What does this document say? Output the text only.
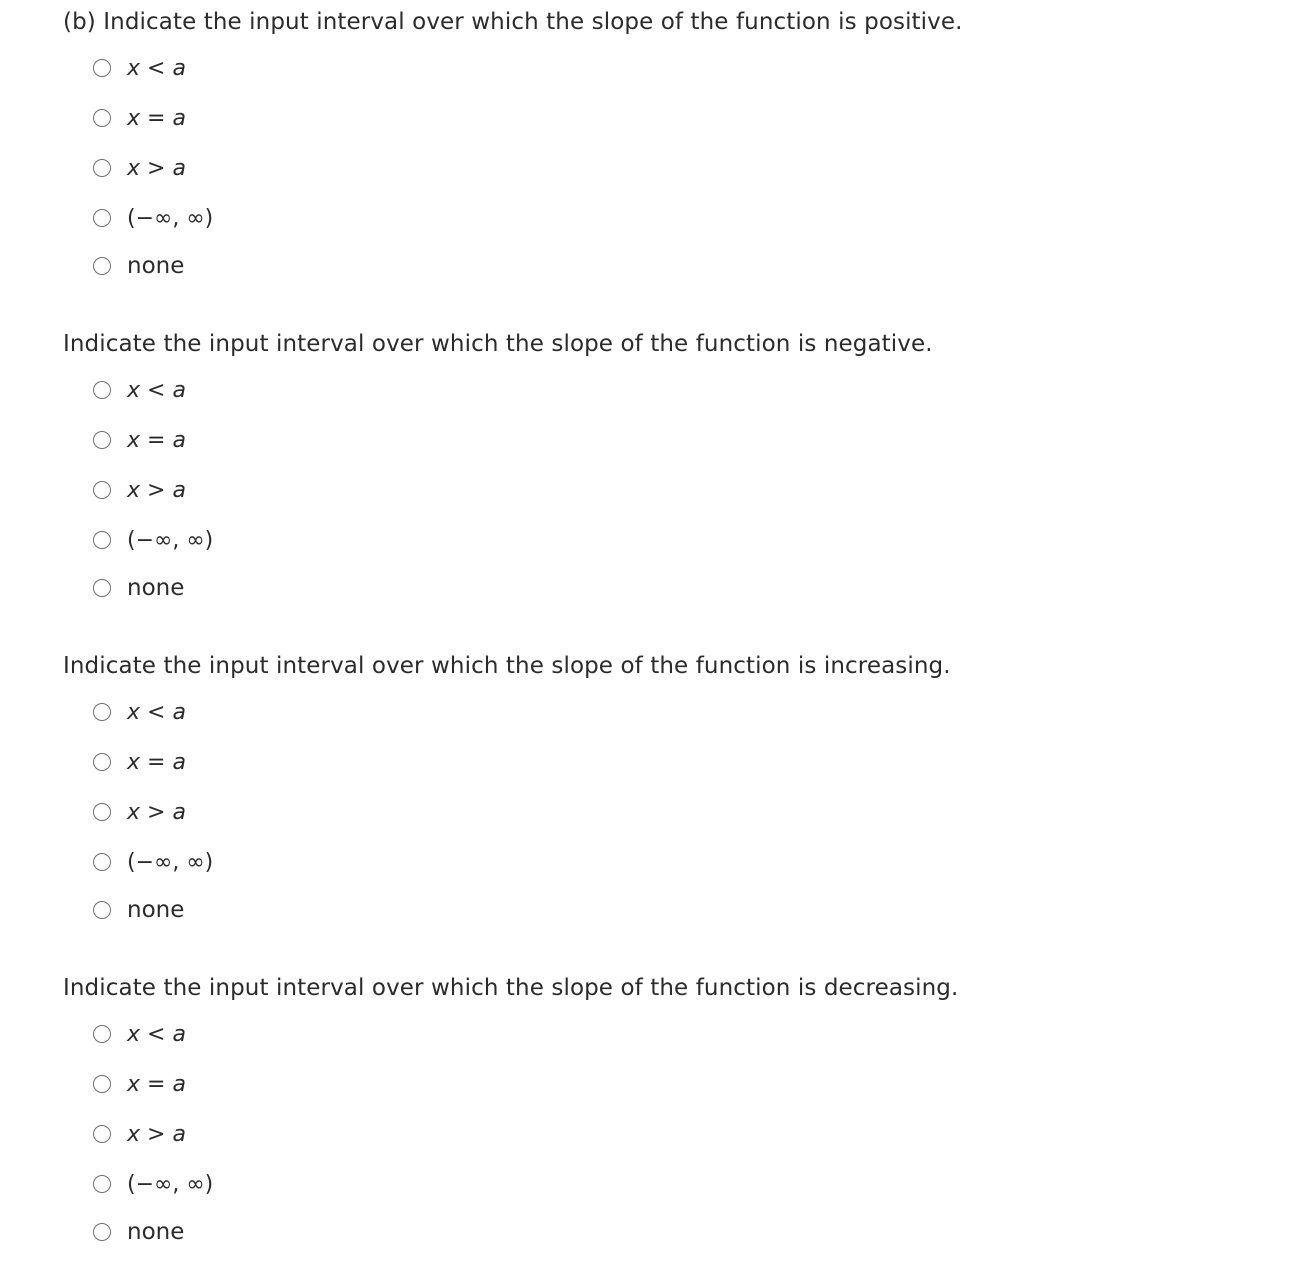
(b) Indicate the input interval over which the slope of the function is positive.

x < a
x = a
x > a
(−∞, ∞)
none

Indicate the input interval over which the slope of the function is negative.

x < a
x = a
x > a
(−∞, ∞)
none

Indicate the input interval over which the slope of the function is increasing.

x < a
x = a
x > a
(−∞, ∞)
none

Indicate the input interval over which the slope of the function is decreasing.

x < a
x = a
x > a
(−∞, ∞)
none
